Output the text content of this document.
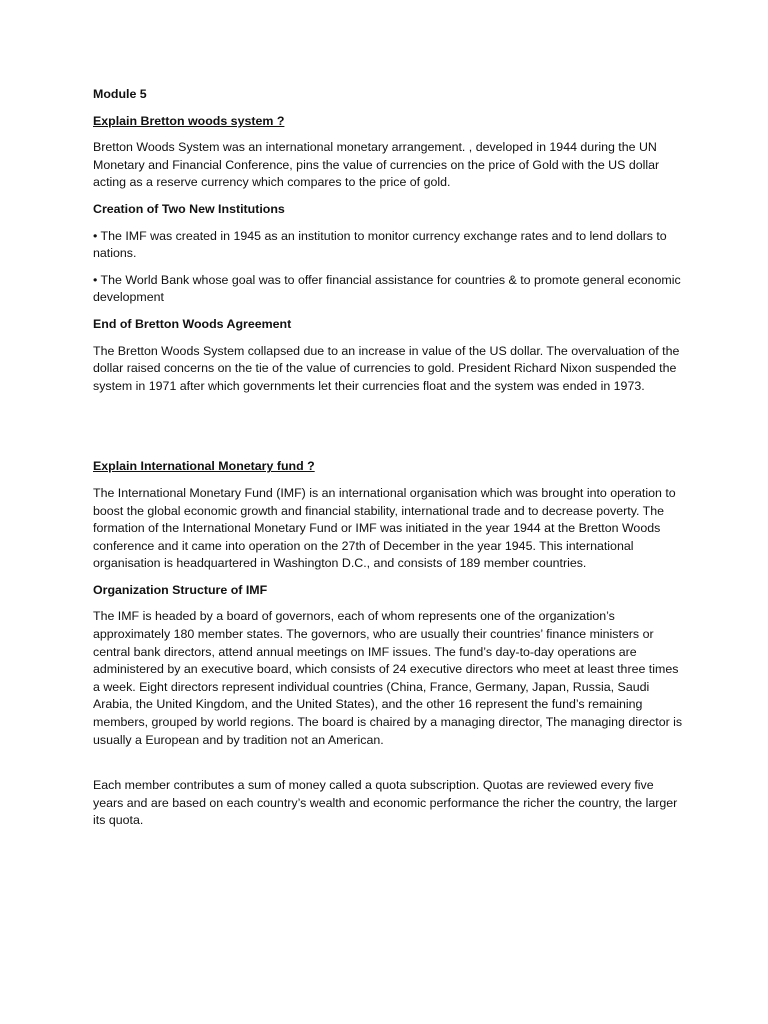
Module 5

Explain Bretton woods system ?

Bretton Woods System was an international monetary arrangement. , developed in 1944 during the UN Monetary and Financial Conference, pins the value of currencies on the price of Gold with the US dollar acting as a reserve currency which compares to the price of gold.

Creation of Two New Institutions

• The IMF was created in 1945 as an institution to monitor currency exchange rates and to lend dollars to nations.

• The World Bank whose goal was to offer financial assistance for countries & to promote general economic development

End of Bretton Woods Agreement

The Bretton Woods System collapsed due to an increase in value of the US dollar. The overvaluation of the dollar raised concerns on the tie of the value of currencies to gold. President Richard Nixon suspended the system in 1971 after which governments let their currencies float and the system was ended in 1973.

Explain International Monetary fund ?

The International Monetary Fund (IMF) is an international organisation which was brought into operation to boost the global economic growth and financial stability, international trade and to decrease poverty. The formation of the International Monetary Fund or IMF was initiated in the year 1944 at the Bretton Woods conference and it came into operation on the 27th of December in the year 1945. This international organisation is headquartered in Washington D.C., and consists of 189 member countries.

Organization Structure of IMF

The IMF is headed by a board of governors, each of whom represents one of the organization’s approximately 180 member states. The governors, who are usually their countries’ finance ministers or central bank directors, attend annual meetings on IMF issues. The fund’s day-to-day operations are administered by an executive board, which consists of 24 executive directors who meet at least three times a week. Eight directors represent individual countries (China, France, Germany, Japan, Russia, Saudi Arabia, the United Kingdom, and the United States), and the other 16 represent the fund’s remaining members, grouped by world regions. The board is chaired by a managing director, The managing director is usually a European and by tradition not an American.

Each member contributes a sum of money called a quota subscription. Quotas are reviewed every five years and are based on each country’s wealth and economic performance the richer the country, the larger its quota.
